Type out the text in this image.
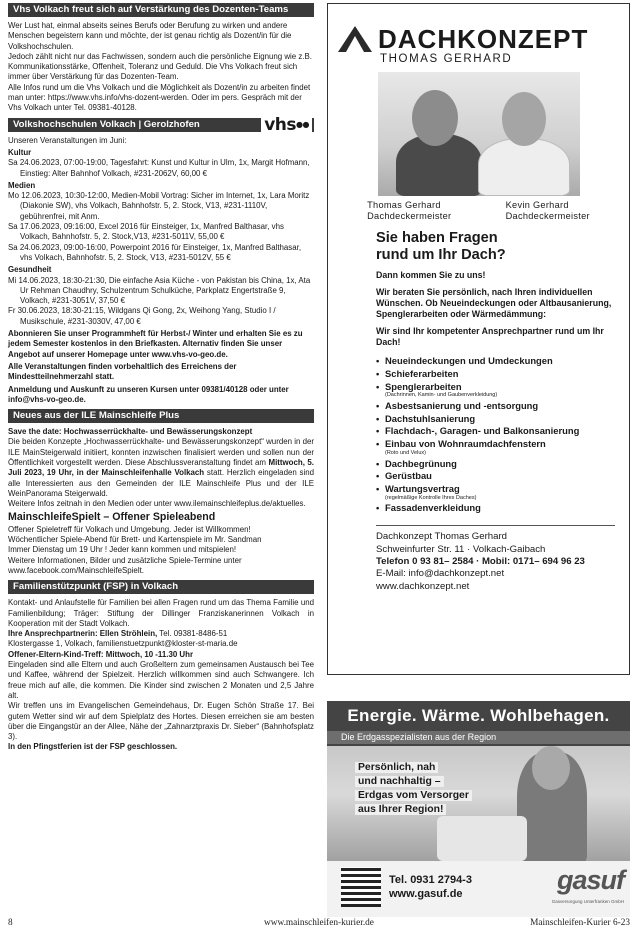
Vhs Volkach freut sich auf Verstärkung des Dozenten-Teams

Wer Lust hat, einmal abseits seines Berufs oder Berufung zu wirken und andere Menschen begeistern kann und möchte, der ist genau richtig als Dozent/in für die Volkshochschulen.

Jedoch zählt nicht nur das Fachwissen, sondern auch die persönliche Eignung wie z.B. Kommunikationsstärke, Offenheit, Toleranz und Geduld. Die Vhs Volkach freut sich immer über Verstärkung für das Dozenten-Team.

Alle Infos rund um die Vhs Volkach und die Möglichkeit als Dozent/in zu arbeiten findet man unter: https://www.vhs.info/vhs-dozent-werden. Oder im pers. Gespräch mit der Vhs Volkach unter Tel. 09381-40128.

Volkshochschulen Volkach | Gerolzhofen	vhs●●

Unseren Veranstaltungen im Juni:

Kultur

Sa 24.06.2023, 07:00-19:00, Tagesfahrt: Kunst und Kultur in Ulm, 1x, Margit Hofmann, Einstieg: Alter Bahnhof Volkach, #231-2062V, 60,00 €

Medien

Mo 12.06.2023, 10:30-12:00, Medien-Mobil Vortrag: Sicher im Internet, 1x, Lara Moritz (Diakonie SW), vhs Volkach, Bahnhofstr. 5, 2. Stock, V13, #231-1110V, gebührenfrei, mit Anm.

Sa 17.06.2023, 09:16:00, Excel 2016 für Einsteiger, 1x, Manfred Balthasar, vhs Volkach, Bahnhofstr. 5, 2. Stock,V13, #231-5011V, 55,00 €

Sa 24.06.2023, 09:00-16:00, Powerpoint 2016 für Einsteiger, 1x, Manfred Balthasar, vhs Volkach, Bahnhofstr. 5, 2. Stock, V13, #231-5012V, 55 €

Gesundheit

Mi 14.06.2023, 18:30-21:30, Die einfache Asia Küche - von Pakistan bis China, 1x, Ata Ur Rehman Chaudhry, Schulzentrum Schulküche, Parkplatz Engertstraße 9, Volkach, #231-3051V, 37,50 €

Fr 30.06.2023, 18:30-21:15, Wildgans Qi Gong, 2x, Weihong Yang, Studio I / Musikschule, #231-3030V, 47,00 €

Abonnieren Sie unser Programmheft für Herbst-/ Winter und erhalten Sie es zu jedem Semester kostenlos in den Briefkasten. Alternativ finden Sie unser Angebot auf unserer Homepage unter www.vhs-vo-geo.de.

Alle Veranstaltungen finden vorbehaltlich des Erreichens der Mindestteilnehmerzahl statt.

Anmeldung und Auskunft zu unseren Kursen unter 09381/40128 oder unter info@vhs-vo-geo.de.

Neues aus der ILE Mainschleife Plus

Save the date: Hochwasserrückhalte- und Bewässerungskonzept

Die beiden Konzepte „Hochwasserrückhalte- und Bewässerungskonzept“ wurden in der ILE MainSteigerwald initiiert, konnten inzwischen finalisiert werden und sollen nun der Öffentlichkeit vorgestellt werden. Diese Abschlussveranstaltung findet am Mittwoch, 5. Juli 2023, 19 Uhr, in der Mainschleifenhalle Volkach statt. Herzlich eingeladen sind alle Interessierten aus den Gemeinden der ILE Mainschleife Plus und der ILE WeinPanorama Steigerwald.

Weitere Infos zeitnah in den Medien oder unter www.ilemainschleifeplus.de/aktuelles.

MainschleifeSpielt – Offener Spieleabend

Offener Spieletreff für Volkach und Umgebung. Jeder ist Willkommen!

Wöchentlicher Spiele-Abend für Brett- und Kartenspiele im Mr. Sandman

Immer Dienstag um 19 Uhr ! Jeder kann kommen und mitspielen!

Weitere Informationen, Bilder und zusätzliche Spiele-Termine unter

www.facebook.com/MainschleifeSpielt.

Familienstützpunkt (FSP) in Volkach

Kontakt- und Anlaufstelle für Familien bei allen Fragen rund um das Thema Familie und Familienbildung; Träger: Stiftung der Dillinger Franziskanerinnen Volkach in Kooperation mit der Stadt Volkach.

Ihre Ansprechpartnerin: Ellen Ströhlein, Tel. 09381-8486-51

Klostergasse 1, Volkach, familienstuetzpunkt@kloster-st-maria.de

Offener-Eltern-Kind-Treff: Mittwoch, 10 -11.30 Uhr

Eingeladen sind alle Eltern und auch Großeltern zum gemeinsamen Austausch bei Tee und Kaffee, während der Spielzeit. Herzlich willkommen sind auch Schwangere. Ich freue mich auf alle, die kommen. Die Kinder sind zwischen 2 Monaten und 2,5 Jahre alt.

Wir treffen uns im Evangelischen Gemeindehaus, Dr. Eugen Schön Straße 17. Bei gutem Wetter sind wir auf dem Spielplatz des Hortes. Diesen erreichen sie am besten über die Eingangstür an der Allee, Nähe der „Zahnarztpraxis Dr. Sieber“ (Bahnhofsplatz 3).

In den Pfingstferien ist der FSP geschlossen.

DACHKONZEPT
THOMAS GERHARD
Thomas Gerhard
Dachdeckermeister
Kevin Gerhard
Dachdeckermeister
Sie haben Fragen
rund um Ihr Dach?

Dann kommen Sie zu uns!

Wir beraten Sie persönlich, nach Ihren individuellen Wünschen. Ob Neueindeckungen oder Altbausanierung, Spenglerarbeiten oder Wärmedämmung:

Wir sind Ihr kompetenter Ansprechpartner rund um Ihr Dach!

• Neueindeckungen und Umdeckungen
• Schieferarbeiten
• Spenglerarbeiten
(Dachrinnen, Kamin- und Gaubenverkleidung)
• Asbestsanierung und -entsorgung
• Dachstuhlsanierung
• Flachdach-, Garagen- und Balkonsanierung
• Einbau von Wohnraumdachfenstern
(Roto und Velux)
• Dachbegrünung
• Gerüstbau
• Wartungsvertrag
(regelmäßige Kontrolle Ihres Daches)
• Fassadenverkleidung
Dachkonzept Thomas Gerhard
Schweinfurter Str. 11 · Volkach-Gaibach
Telefon 0 93 81– 2584 · Mobil: 0171– 694 96 23
E-Mail: info@dachkonzept.net
www.dachkonzept.net
Energie. Wärme. Wohlbehagen.
Die Erdgasspezialisten aus der Region
Persönlich, nah
und nachhaltig –
Erdgas vom Versorger
aus Ihrer Region!
Tel. 0931 2794-3
www.gasuf.de	gasuf
Gasversorgung Unterfranken GmbH
8	www.mainschleifen-kurier.de	Mainschleifen-Kurier 6-23
